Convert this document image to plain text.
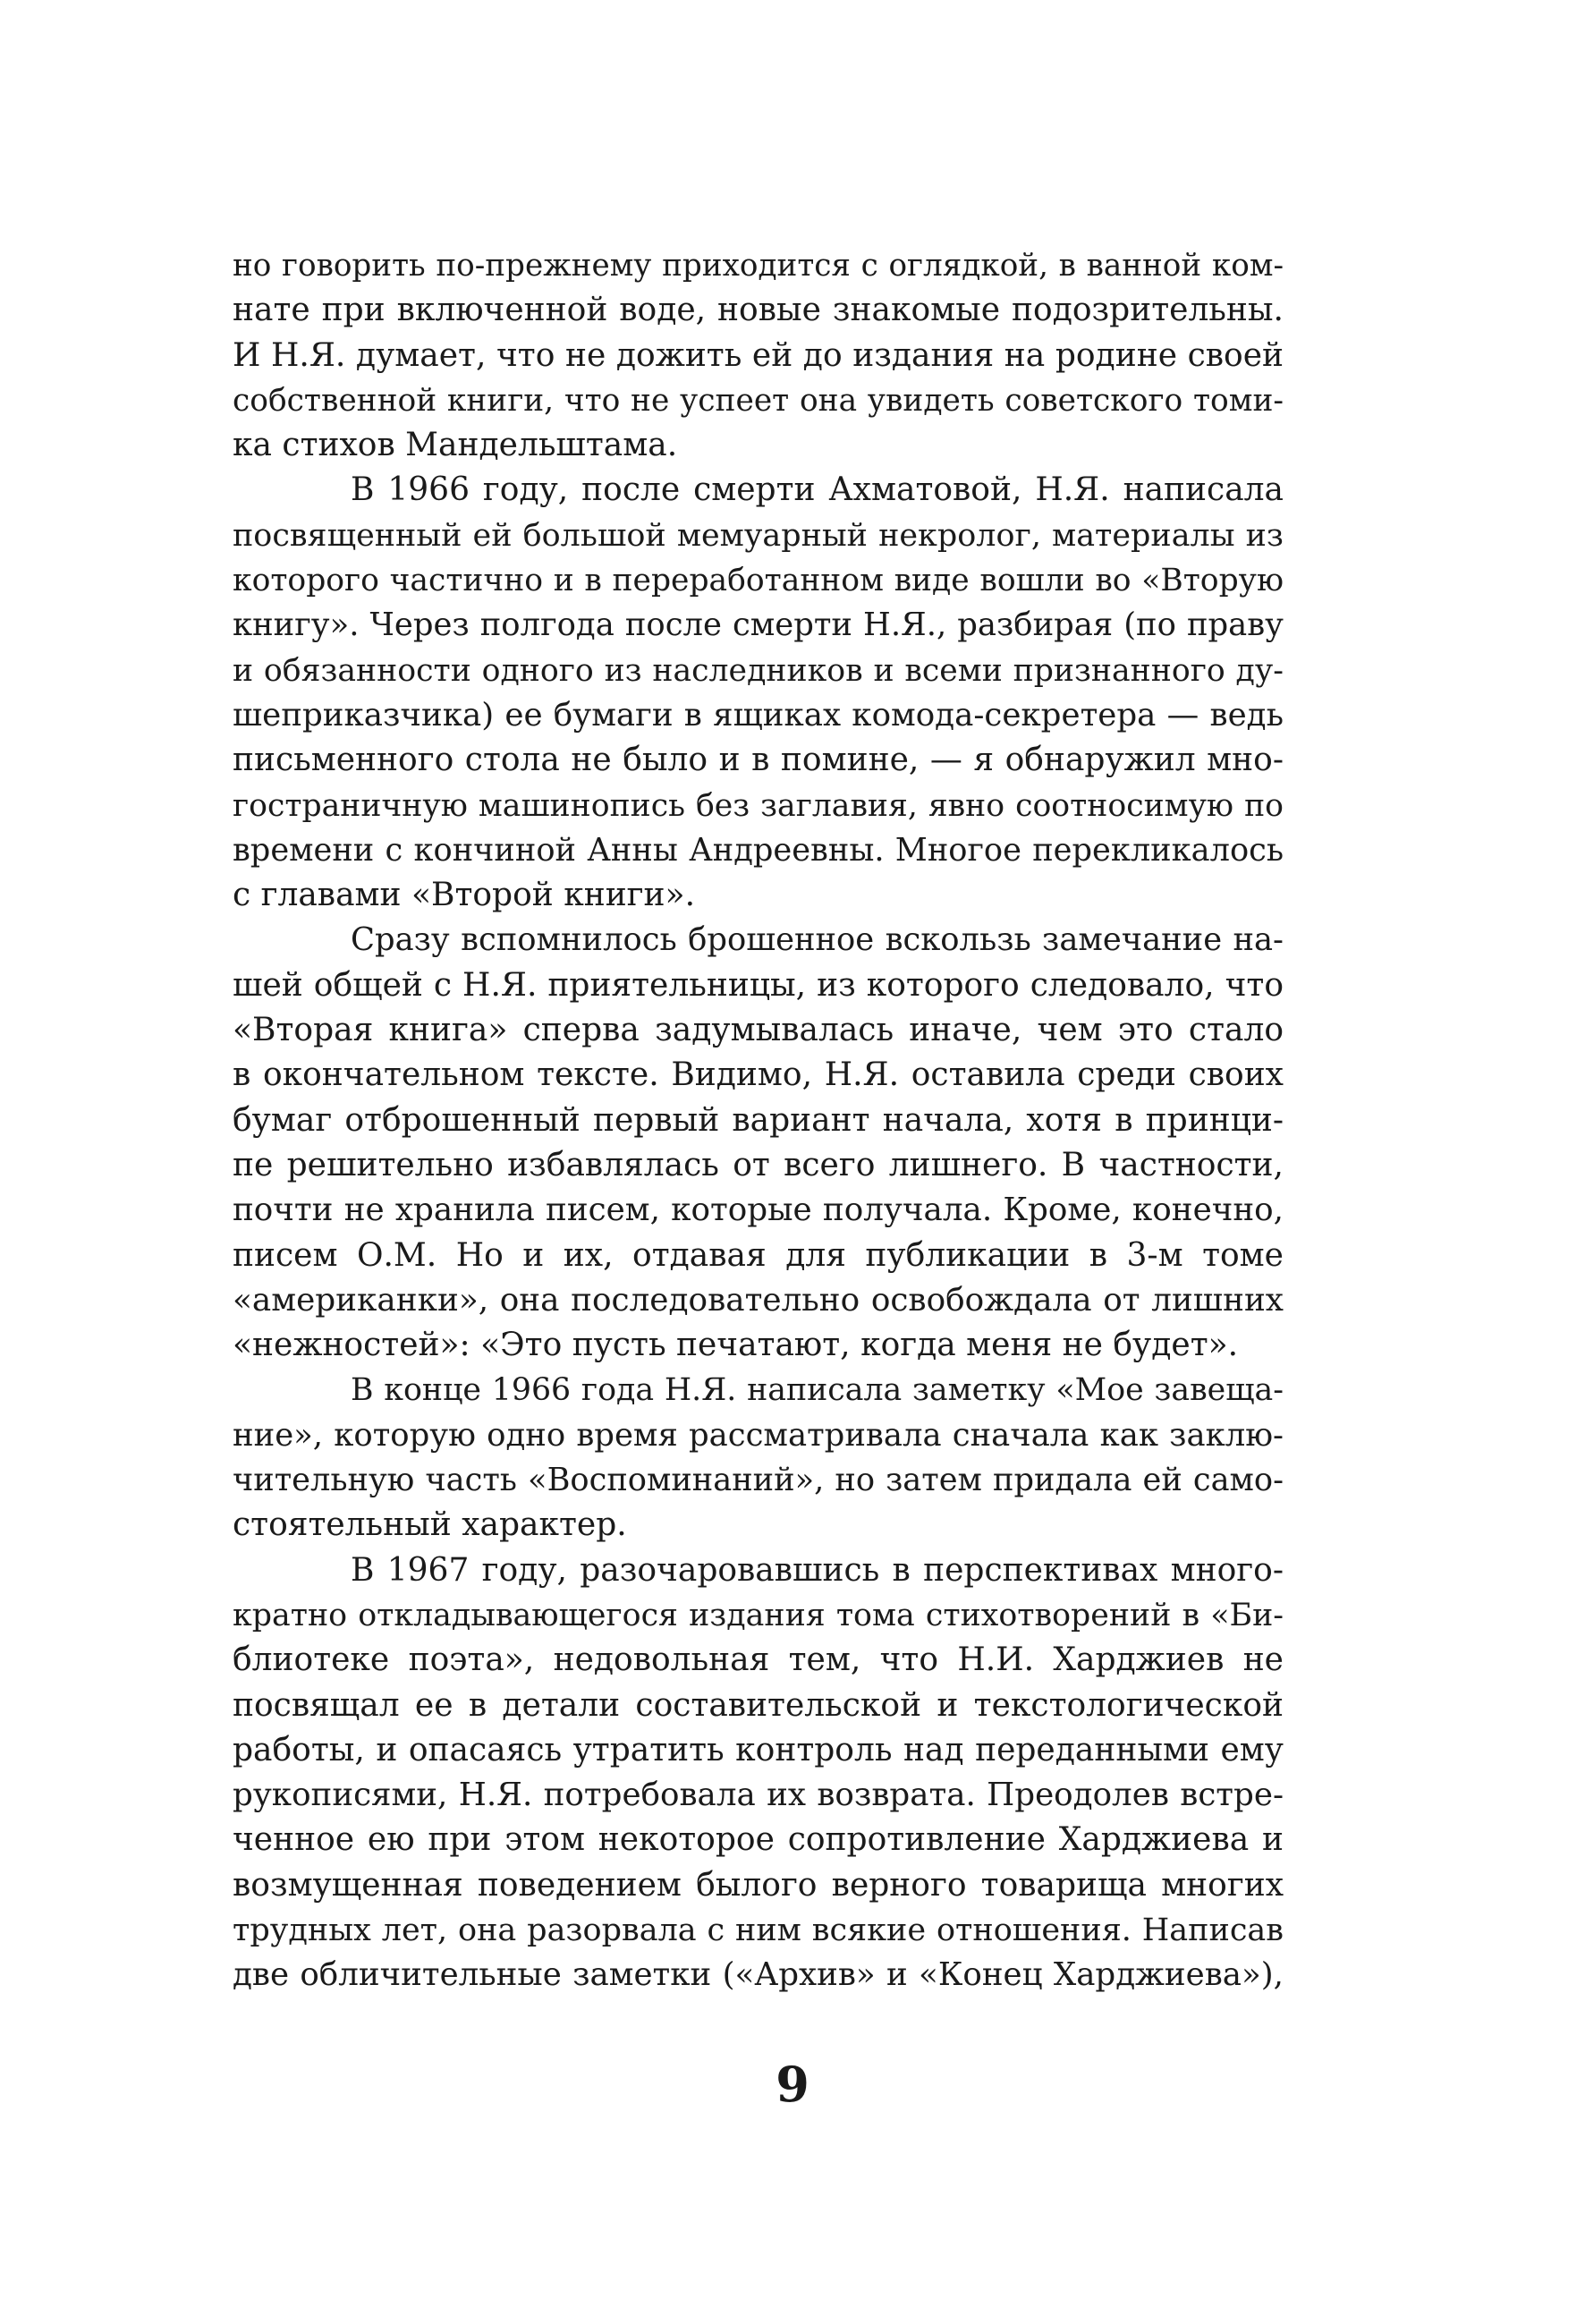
но говорить по-прежнему приходится с оглядкой, в ванной ком-
нате при включенной воде, новые знакомые подозрительны.
И Н.Я. думает, что не дожить ей до издания на родине своей
собственной книги, что не успеет она увидеть советского томи-
ка стихов Мандельштама.
В 1966 году, после смерти Ахматовой, Н.Я. написала
посвященный ей большой мемуарный некролог, материалы из
которого частично и в переработанном виде вошли во «Вторую
книгу». Через полгода после смерти Н.Я., разбирая (по праву
и обязанности одного из наследников и всеми признанного ду-
шеприказчика) ее бумаги в ящиках комода-секретера — ведь
письменного стола не было и в помине, — я обнаружил мно-
гостраничную машинопись без заглавия, явно соотносимую по
времени с кончиной Анны Андреевны. Многое перекликалось
с главами «Второй книги».
Сразу вспомнилось брошенное вскользь замечание на-
шей общей с Н.Я. приятельницы, из которого следовало, что
«Вторая книга» сперва задумывалась иначе, чем это стало
в окончательном тексте. Видимо, Н.Я. оставила среди своих
бумаг отброшенный первый вариант начала, хотя в принци-
пе решительно избавлялась от всего лишнего. В частности,
почти не хранила писем, которые получала. Кроме, конечно,
писем О.М. Но и их, отдавая для публикации в 3-м томе
«американки», она последовательно освобождала от лишних
«нежностей»: «Это пусть печатают, когда меня не будет».
В конце 1966 года Н.Я. написала заметку «Мое завеща-
ние», которую одно время рассматривала сначала как заклю-
чительную часть «Воспоминаний», но затем придала ей само-
стоятельный характер.
В 1967 году, разочаровавшись в перспективах много-
кратно откладывающегося издания тома стихотворений в «Би-
блиотеке поэта», недовольная тем, что Н.И. Харджиев не
посвящал ее в детали составительской и текстологической
работы, и опасаясь утратить контроль над переданными ему
рукописями, Н.Я. потребовала их возврата. Преодолев встре-
ченное ею при этом некоторое сопротивление Харджиева и
возмущенная поведением былого верного товарища многих
трудных лет, она разорвала с ним всякие отношения. Написав
две обличительные заметки («Архив» и «Конец Харджиева»),
9
